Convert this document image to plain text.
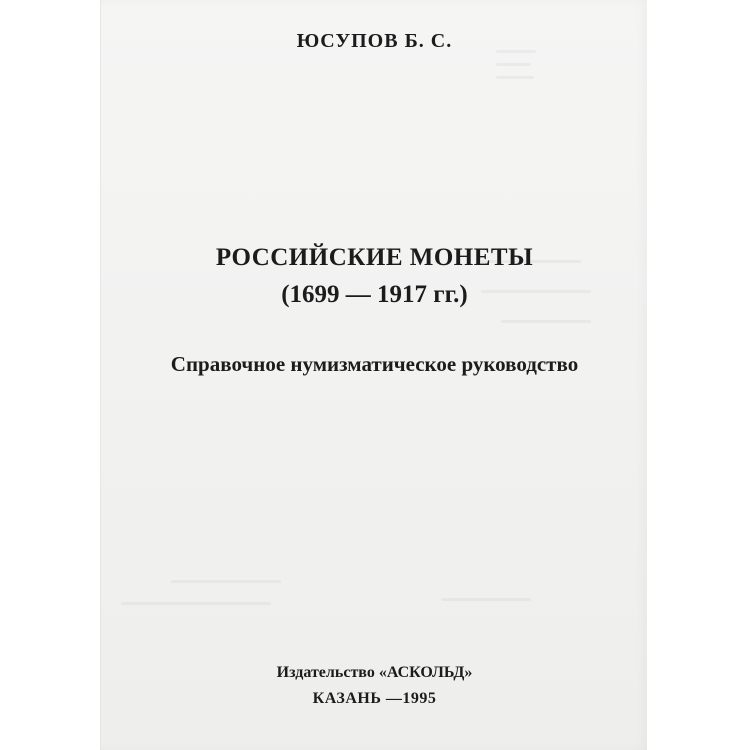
ЮСУПОВ Б. С.
РОССИЙСКИЕ МОНЕТЫ
(1699 — 1917 гг.)
Справочное нумизматическое руководство
Издательство «АСКОЛЬД»
КАЗАНЬ —1995
